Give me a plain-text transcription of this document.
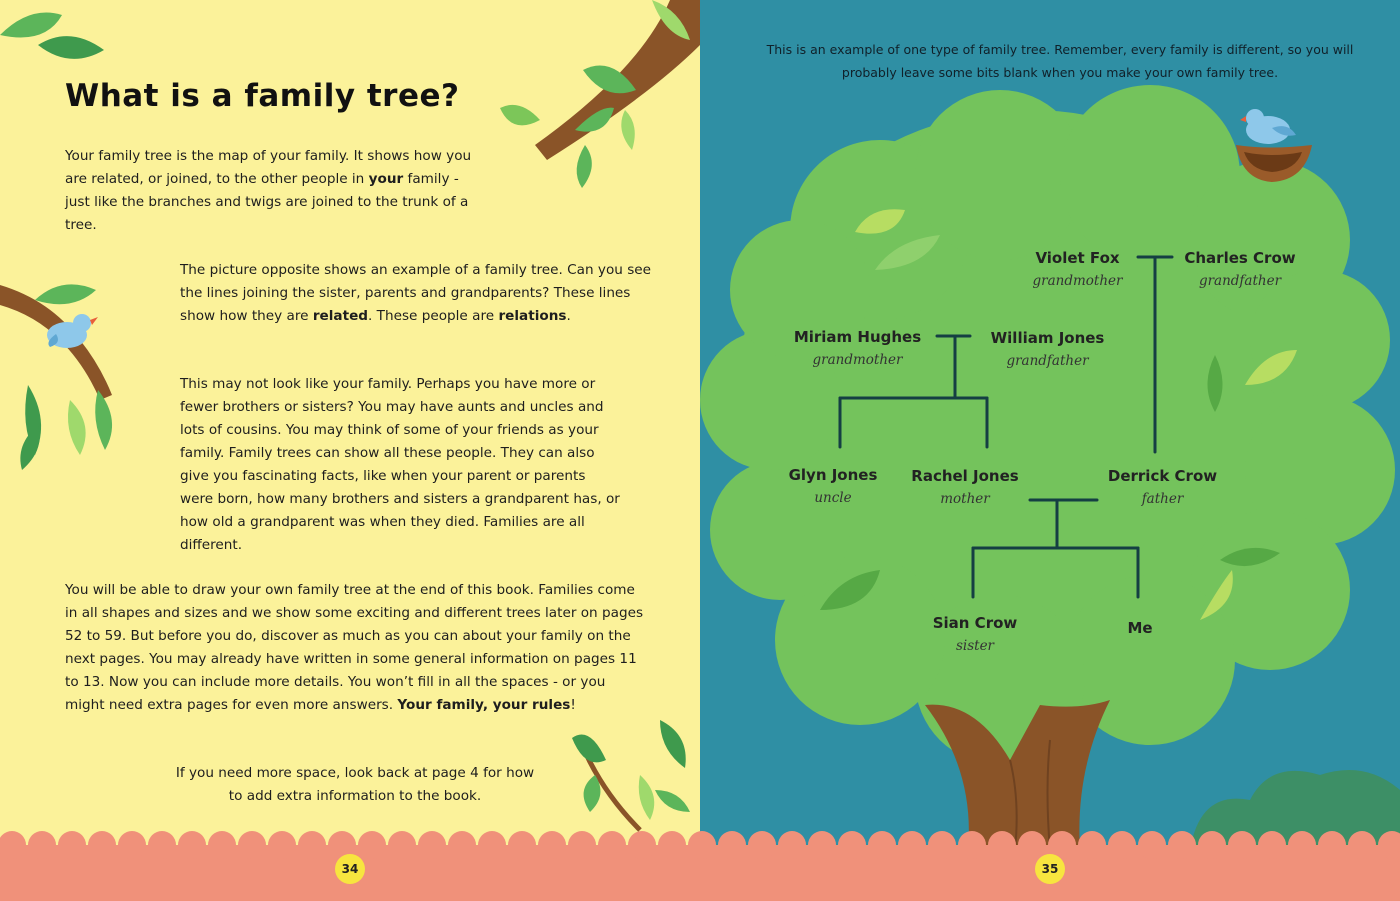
What is a family tree?

Your family tree is the map of your family. It shows how you are related, or joined, to the other people in your family - just like the branches and twigs are joined to the trunk of a tree.

The picture opposite shows an example of a family tree. Can you see the lines joining the sister, parents and grandparents? These lines show how they are related. These people are relations.

This may not look like your family. Perhaps you have more or fewer brothers or sisters? You may have aunts and uncles and lots of cousins. You may think of some of your friends as your family. Family trees can show all these people. They can also give you fascinating facts, like when your parent or parents were born, how many brothers and sisters a grandparent has, or how old a grandparent was when they died. Families are all different.

You will be able to draw your own family tree at the end of this book. Families come in all shapes and sizes and we show some exciting and different trees later on pages 52 to 59. But before you do, discover as much as you can about your family on the next pages. You may already have written in some general information on pages 11 to 13. Now you can include more details. You won’t fill in all the spaces - or you might need extra pages for even more answers. Your family, your rules!

If you need more space, look back at page 4 for how to add extra information to the book.

34

This is an example of one type of family tree. Remember, every family is different, so you will probably leave some bits blank when you make your own family tree.

Violet Fox
grandmother
Charles Crow
grandfather
Miriam Hughes
grandmother
William Jones
grandfather
Glyn Jones
uncle
Rachel Jones
mother
Derrick Crow
father
Sian Crow
sister
Me
35
